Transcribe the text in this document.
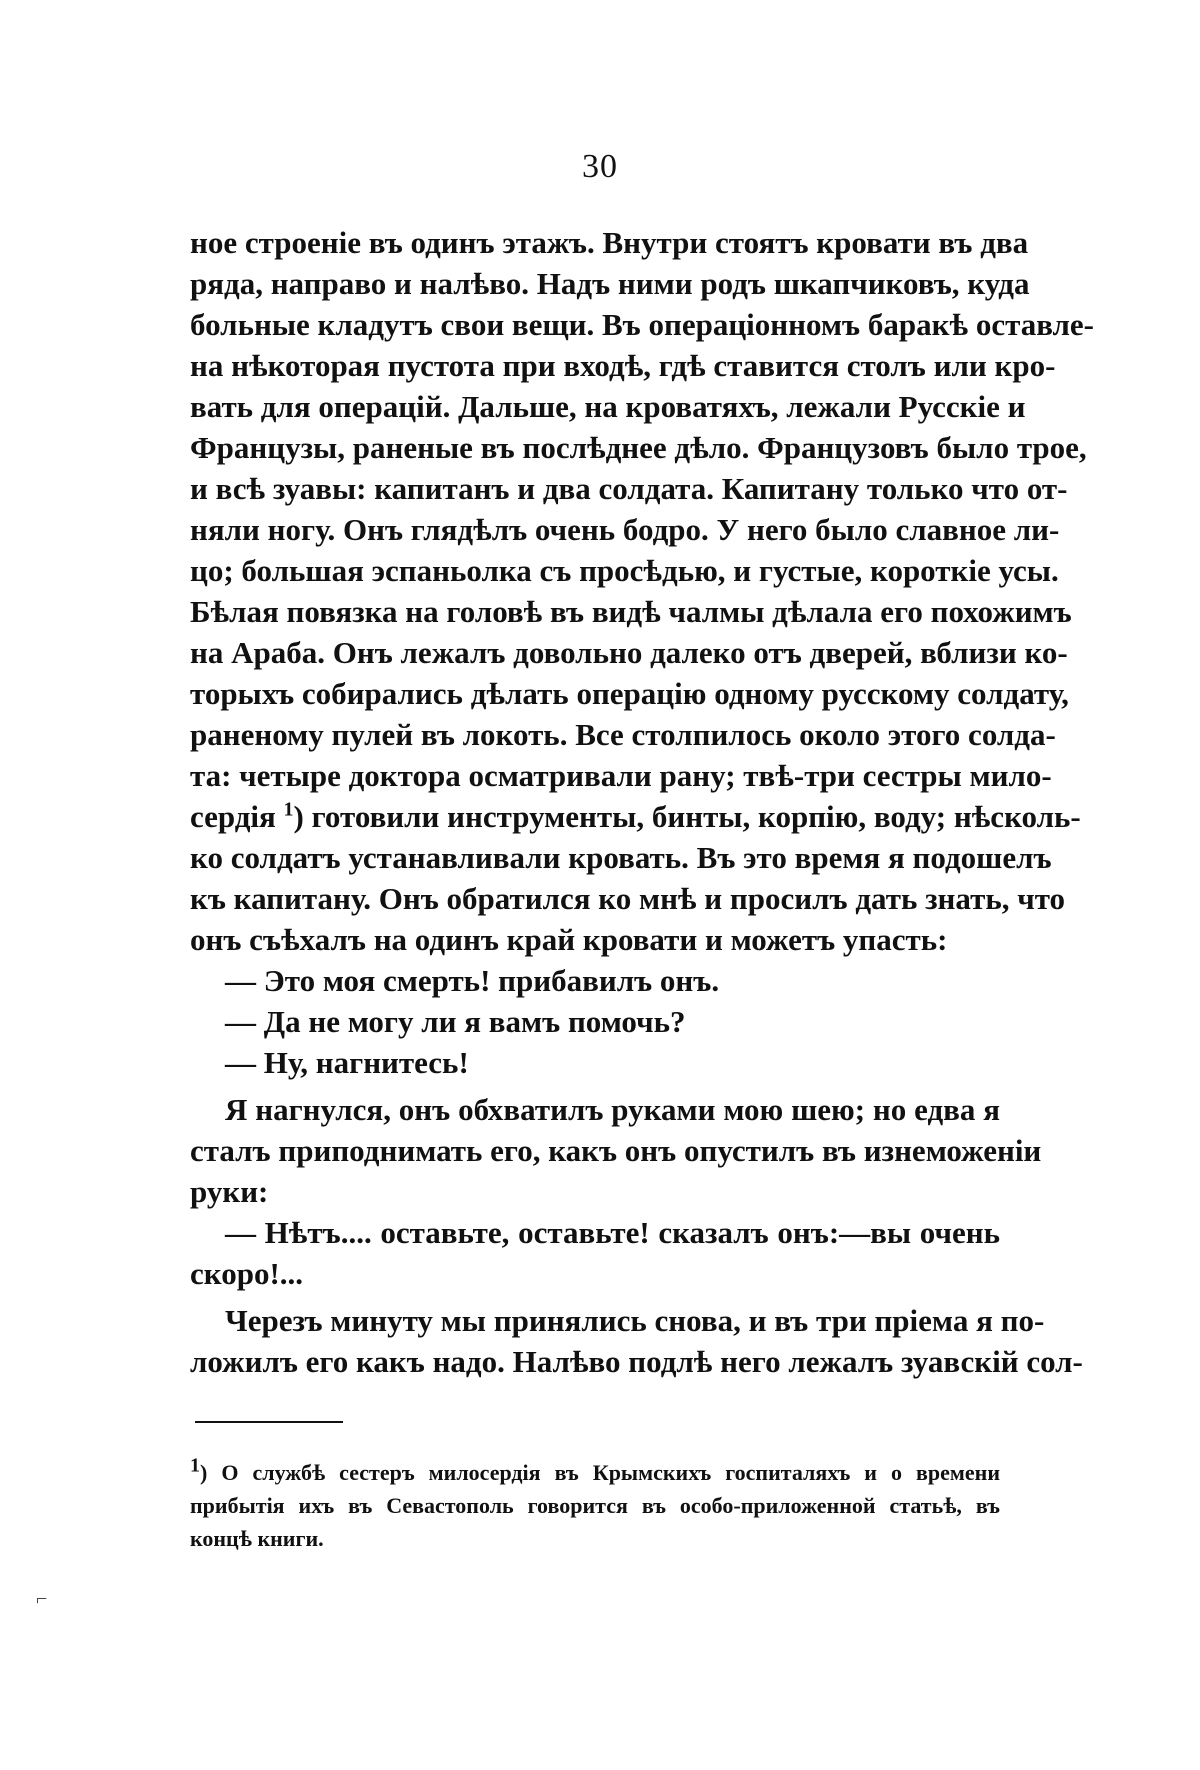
30
ное строеніе въ одинъ этажъ. Внутри стоятъ кровати въ два
ряда, направо и налѣво. Надъ ними родъ шкапчиковъ, куда
больные кладутъ свои вещи. Въ операціонномъ баракѣ оставле-
на нѣкоторая пустота при входѣ, гдѣ ставится столъ или кро-
вать для операцій. Дальше, на кроватяхъ, лежали Русскіе и
Французы, раненые въ послѣднее дѣло. Французовъ было трое,
и всѣ зуавы: капитанъ и два солдата. Капитану только что от-
няли ногу. Онъ глядѣлъ очень бодро. У него было славное ли-
цо; большая эспаньолка съ просѣдью, и густые, короткіе усы.
Бѣлая повязка на головѣ въ видѣ чалмы дѣлала его похожимъ
на Араба. Онъ лежалъ довольно далеко отъ дверей, вблизи ко-
торыхъ собирались дѣлать операцію одному русскому солдату,
раненому пулей въ локоть. Все столпилось около этого солда-
та: четыре доктора осматривали рану; твѣ-три сестры мило-
сердія $^1$) готовили инструменты, бинты, корпію, воду; нѣсколь-
ко солдатъ устанавливали кровать. Въ это время я подошелъ
къ капитану. Онъ обратился ко мнѣ и просилъ дать знать, что
онъ съѣхалъ на одинъ край кровати и можетъ упасть:
— Это моя смерть! прибавилъ онъ.
— Да не могу ли я вамъ помочь?
— Ну, нагнитесь!
Я нагнулся, онъ обхватилъ руками мою шею; но едва я
сталъ приподнимать его, какъ онъ опустилъ въ изнеможеніи
руки:
— Нѣтъ.... оставьте, оставьте! сказалъ онъ:—вы очень
скоро!...
Черезъ минуту мы принялись снова, и въ три пріема я по-
ложилъ его какъ надо. Налѣво подлѣ него лежалъ зуавскій сол-
$^1$) О службѣ сестеръ милосердія въ Крымскихъ госпиталяхъ и о времени
прибытія ихъ въ Севастополь говорится въ особо-приложенной статьѣ, въ
концѣ книги.
⌐
